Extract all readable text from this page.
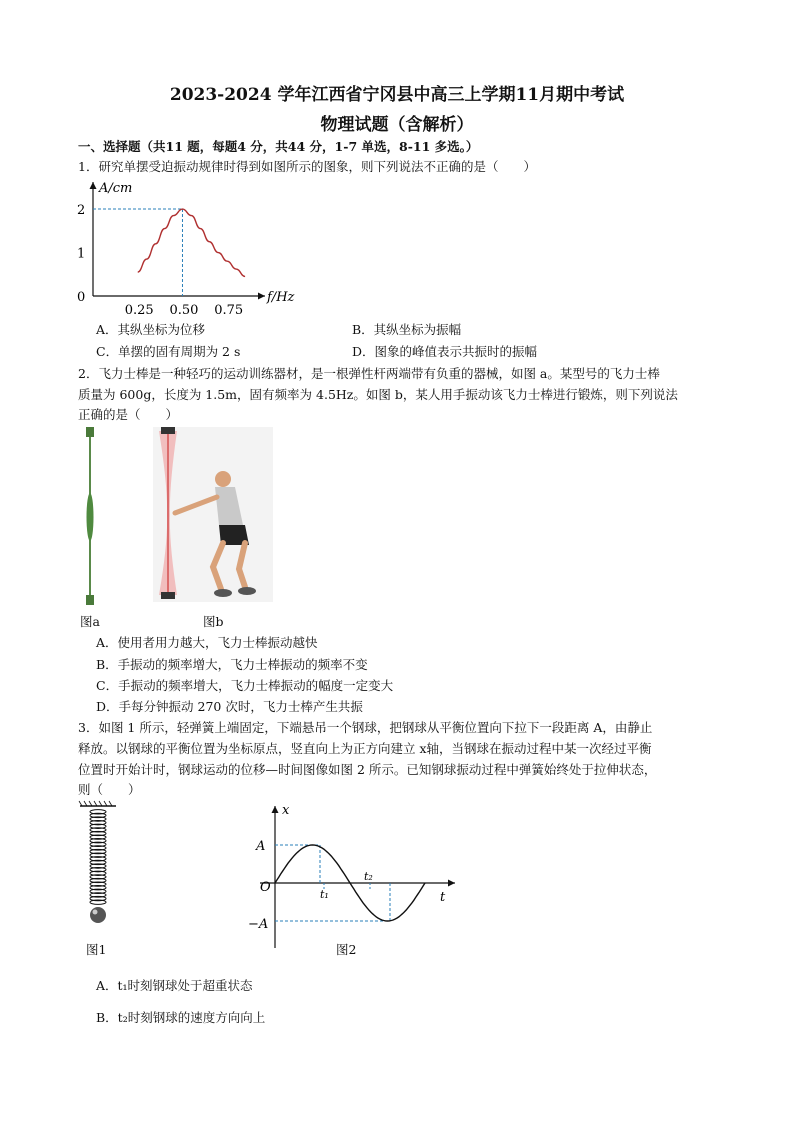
2023-2024 学年江西省宁冈县中高三上学期11月期中考试
物理试题（含解析）
一、选择题（共11 题，每题4 分，共44 分，1-7 单选，8-11 多选。）
1．研究单摆受迫振动规律时得到如图所示的图象，则下列说法不正确的是（　　）
A/cm
f/Hz
0
1
2
0.25 0.50 0.75
A．其纵坐标为位移	B．其纵坐标为振幅
C．单摆的固有周期为 2 s	D．图象的峰值表示共振时的振幅
2．飞力士棒是一种轻巧的运动训练器材，是一根弹性杆两端带有负重的器械，如图 a。某型号的飞力士棒
质量为 600g，长度为 1.5m，固有频率为 4.5Hz。如图 b，某人用手振动该飞力士棒进行锻炼，则下列说法
正确的是（　　）
图a	图b
A．使用者用力越大，飞力士棒振动越快
B．手振动的频率增大，飞力士棒振动的频率不变
C．手振动的频率增大，飞力士棒振动的幅度一定变大
D．手每分钟振动 270 次时，飞力士棒产生共振
3．如图 1 所示，轻弹簧上端固定，下端悬吊一个钢球，把钢球从平衡位置向下拉下一段距离 A，由静止
释放。以钢球的平衡位置为坐标原点，竖直向上为正方向建立 x轴，当钢球在振动过程中某一次经过平衡
位置时开始计时，钢球运动的位移—时间图像如图 2 所示。已知钢球振动过程中弹簧始终处于拉伸状态，
则（　　）
图1
x
t
O
A
−A
t₁
t₂
图2
A．t₁时刻钢球处于超重状态
B．t₂时刻钢球的速度方向向上
